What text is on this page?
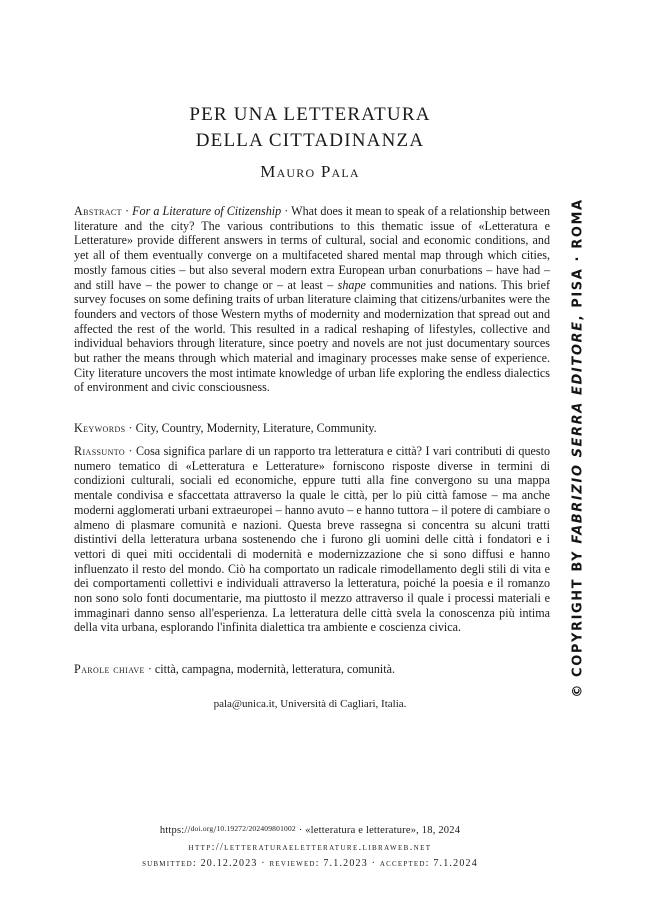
PER UNA LETTERATURA
DELLA CITTADINANZA
Mauro Pala
Abstract · For a Literature of Citizenship · What does it mean to speak of a relationship between literature and the city? The various contributions to this thematic issue of «Letteratura e Letterature» provide different answers in terms of cultural, social and economic conditions, and yet all of them eventually converge on a multifaceted shared mental map through which cities, mostly famous cities – but also several modern extra European urban conurbations – have had – and still have – the power to change or – at least – shape communities and nations. This brief survey focuses on some defining traits of urban literature claiming that citizens/urbanites were the founders and vectors of those Western myths of modernity and modernization that spread out and affected the rest of the world. This resulted in a radical reshaping of lifestyles, collective and individual behaviors through literature, since poetry and novels are not just documentary sources but rather the means through which material and imaginary processes make sense of experience. City literature uncovers the most intimate knowledge of urban life exploring the endless dialectics of environment and civic consciousness.
Keywords · City, Country, Modernity, Literature, Community.
Riassunto · Cosa significa parlare di un rapporto tra letteratura e città? I vari contributi di questo numero tematico di «Letteratura e Letterature» forniscono risposte diverse in termini di condizioni culturali, sociali ed economiche, eppure tutti alla fine convergono su una mappa mentale condivisa e sfaccettata attraverso la quale le città, per lo più città famose – ma anche moderni agglomerati urbani extraeuropei – hanno avuto – e hanno tuttora – il potere di cambiare o almeno di plasmare comunità e nazioni. Questa breve rassegna si concentra su alcuni tratti distintivi della letteratura urbana sostenendo che i furono gli uomini delle città i fondatori e i vettori di quei miti occidentali di modernità e modernizzazione che si sono diffusi e hanno influenzato il resto del mondo. Ciò ha comportato un radicale rimodellamento degli stili di vita e dei comportamenti collettivi e individuali attraverso la letteratura, poiché la poesia e il romanzo non sono solo fonti documentarie, ma piuttosto il mezzo attraverso il quale i processi materiali e immaginari danno senso all'esperienza. La letteratura delle città svela la conoscenza più intima della vita urbana, esplorando l'infinita dialettica tra ambiente e coscienza civica.
Parole chiave · città, campagna, modernità, letteratura, comunità.
pala@unica.it, Università di Cagliari, Italia.
https://doi.org/10.19272/202409801002 · «letteratura e letterature», 18, 2024
http://letteraturaeletterature.libraweb.net
submitted: 20.12.2023 · reviewed: 7.1.2023 · accepted: 7.1.2024
© COPYRIGHT BY FABRIZIO SERRA EDITORE, PISA · ROMA
